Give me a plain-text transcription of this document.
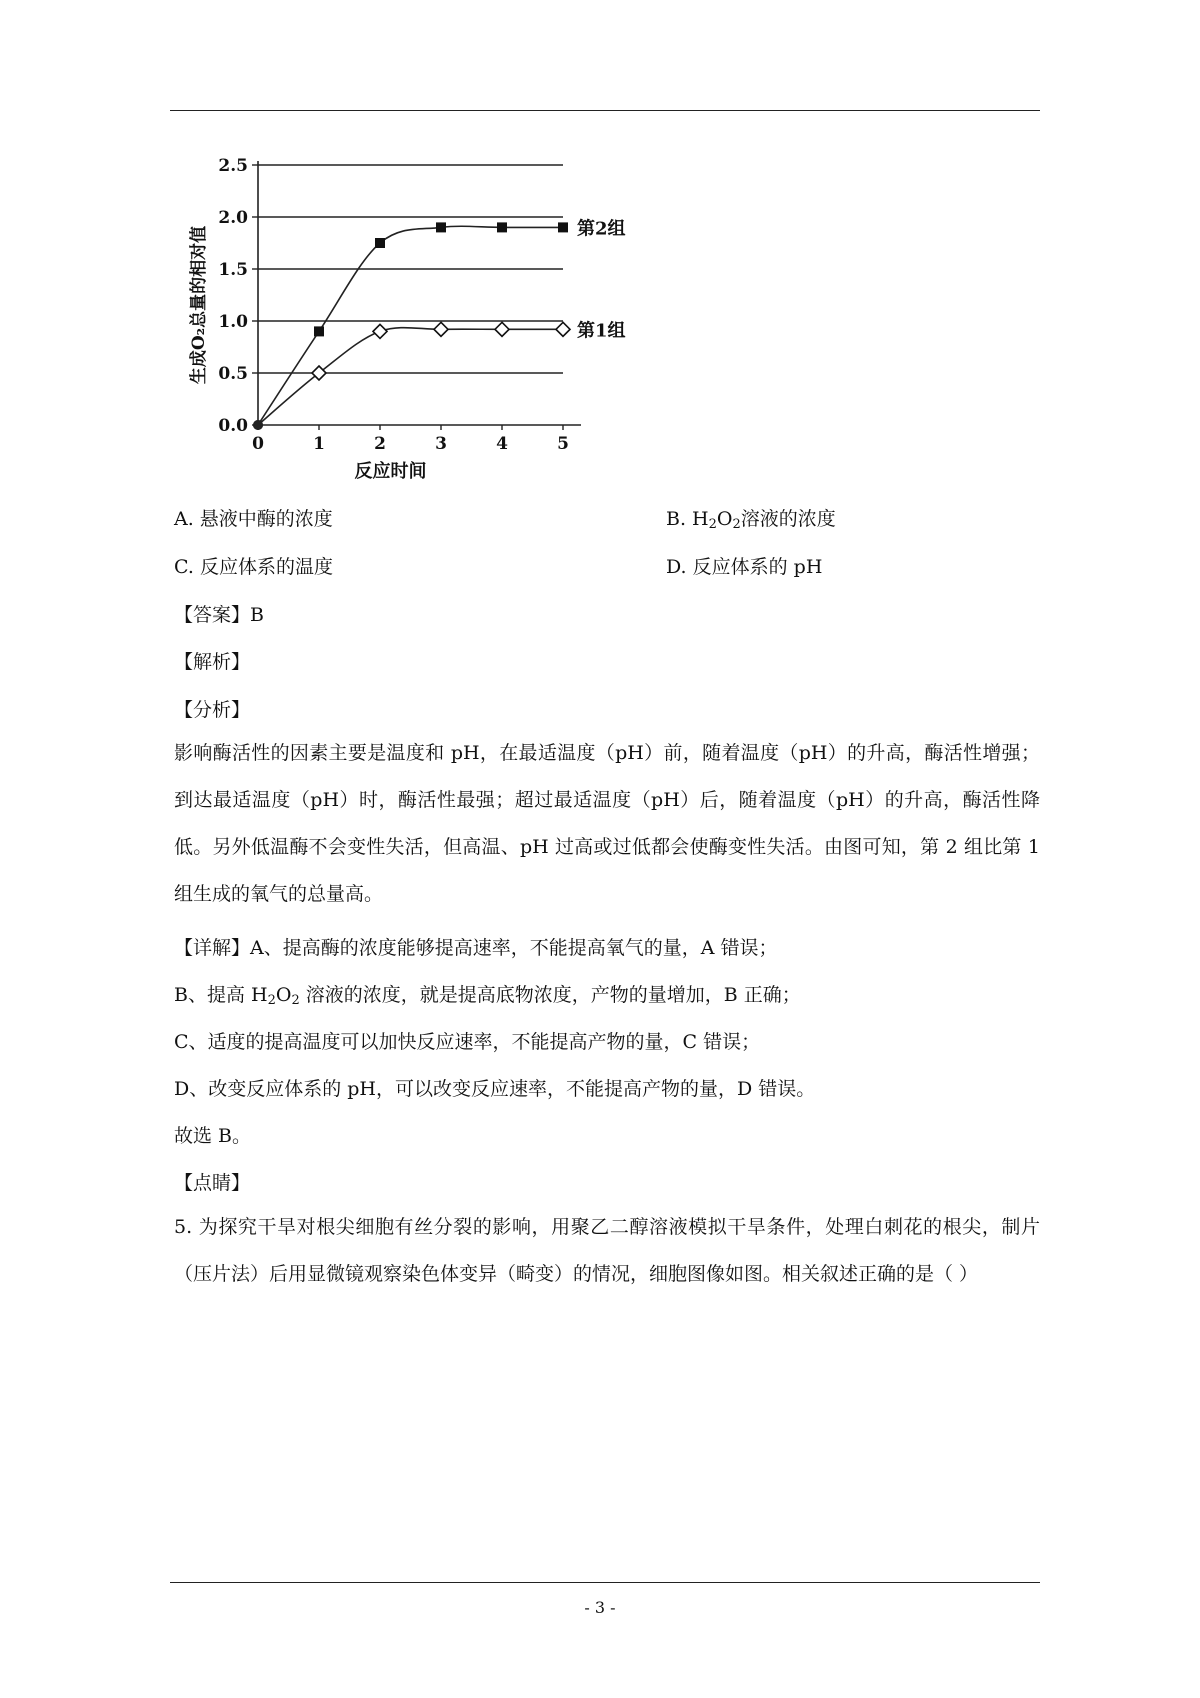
0.0
0.5
1.0
1.5
2.0
2.5
0	1	2	3	4	5
第2组
第1组
生成O₂总量的相对值
反应时间
A. 悬液中酶的浓度	B. $H_2O_2$溶液的浓度
C. 反应体系的温度	D. 反应体系的 pH
【答案】B
【解析】
【分析】
影响酶活性的因素主要是温度和 pH，在最适温度（pH）前，随着温度（pH）的升高，酶活性增强；到达最适温度（pH）时，酶活性最强；超过最适温度（pH）后，随着温度（pH）的升高，酶活性降低。另外低温酶不会变性失活，但高温、pH 过高或过低都会使酶变性失活。由图可知，第 2 组比第 1 组生成的氧气的总量高。
【详解】A、提高酶的浓度能够提高速率，不能提高氧气的量，A 错误；
B、提高 $H_2O_2$ 溶液的浓度，就是提高底物浓度，产物的量增加，B 正确；
C、适度的提高温度可以加快反应速率，不能提高产物的量，C 错误；
D、改变反应体系的 pH，可以改变反应速率，不能提高产物的量，D 错误。
故选 B。
【点睛】
5. 为探究干旱对根尖细胞有丝分裂的影响，用聚乙二醇溶液模拟干旱条件，处理白刺花的根尖，制片（压片法）后用显微镜观察染色体变异（畸变）的情况，细胞图像如图。相关叙述正确的是（ ）
- 3 -
